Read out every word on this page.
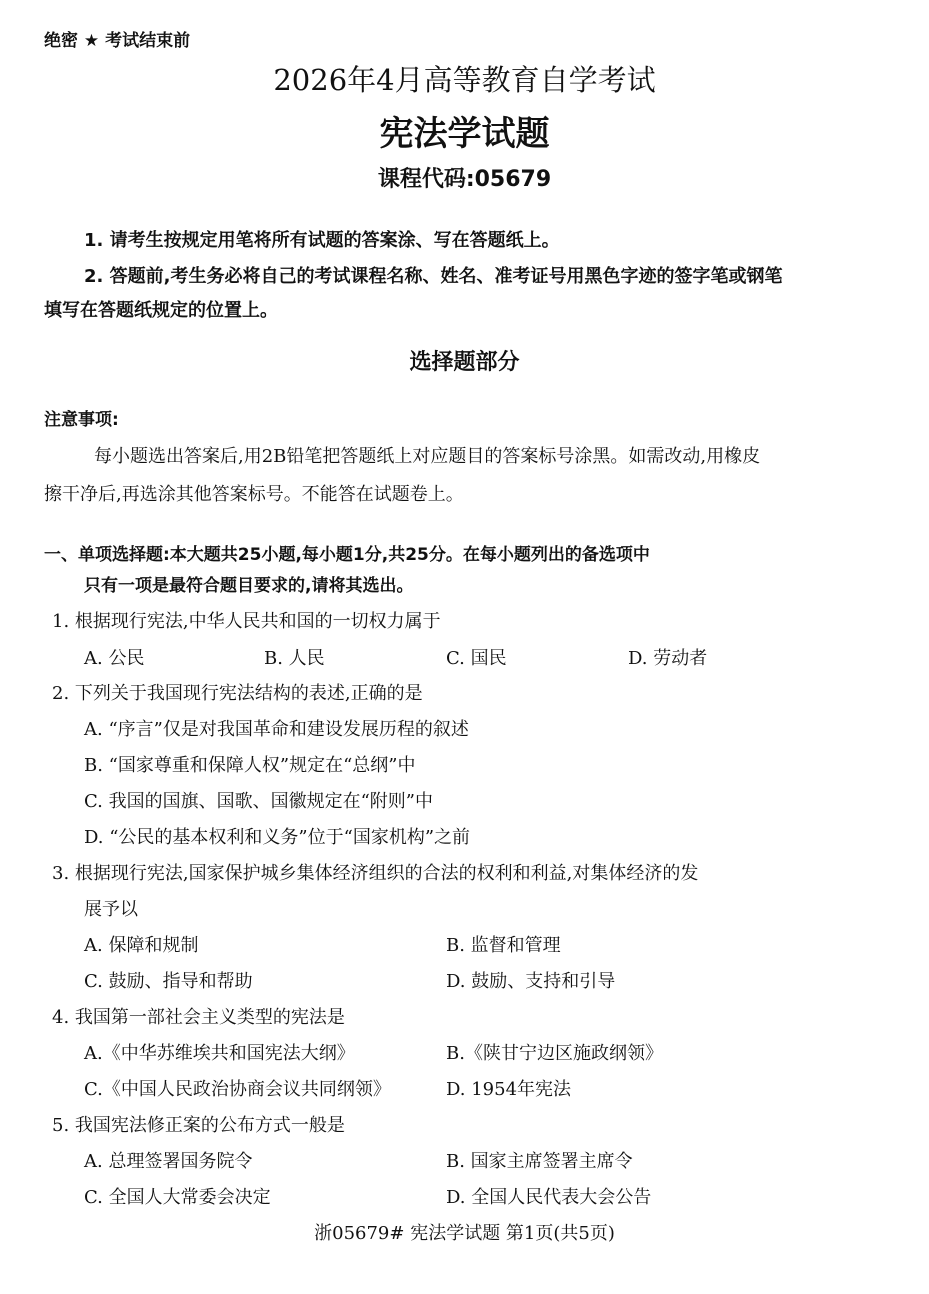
绝密 ★ 考试结束前
2026年4月高等教育自学考试
宪法学试题
课程代码:05679
1. 请考生按规定用笔将所有试题的答案涂、写在答题纸上。
2. 答题前,考生务必将自己的考试课程名称、姓名、准考证号用黑色字迹的签字笔或钢笔
填写在答题纸规定的位置上。
选择题部分
注意事项:
每小题选出答案后,用2B铅笔把答题纸上对应题目的答案标号涂黑。如需改动,用橡皮
擦干净后,再选涂其他答案标号。不能答在试题卷上。
一、单项选择题:本大题共25小题,每小题1分,共25分。在每小题列出的备选项中
只有一项是最符合题目要求的,请将其选出。
1. 根据现行宪法,中华人民共和国的一切权力属于
A. 公民	B. 人民	C. 国民	D. 劳动者
2. 下列关于我国现行宪法结构的表述,正确的是
A. “序言”仅是对我国革命和建设发展历程的叙述
B. “国家尊重和保障人权”规定在“总纲”中
C. 我国的国旗、国歌、国徽规定在“附则”中
D. “公民的基本权利和义务”位于“国家机构”之前
3. 根据现行宪法,国家保护城乡集体经济组织的合法的权利和利益,对集体经济的发
展予以
A. 保障和规制	B. 监督和管理
C. 鼓励、指导和帮助	D. 鼓励、支持和引导
4. 我国第一部社会主义类型的宪法是
A.《中华苏维埃共和国宪法大纲》	B.《陕甘宁边区施政纲领》
C.《中国人民政治协商会议共同纲领》	D. 1954年宪法
5. 我国宪法修正案的公布方式一般是
A. 总理签署国务院令	B. 国家主席签署主席令
C. 全国人大常委会决定	D. 全国人民代表大会公告
浙05679# 宪法学试题 第1页(共5页)
